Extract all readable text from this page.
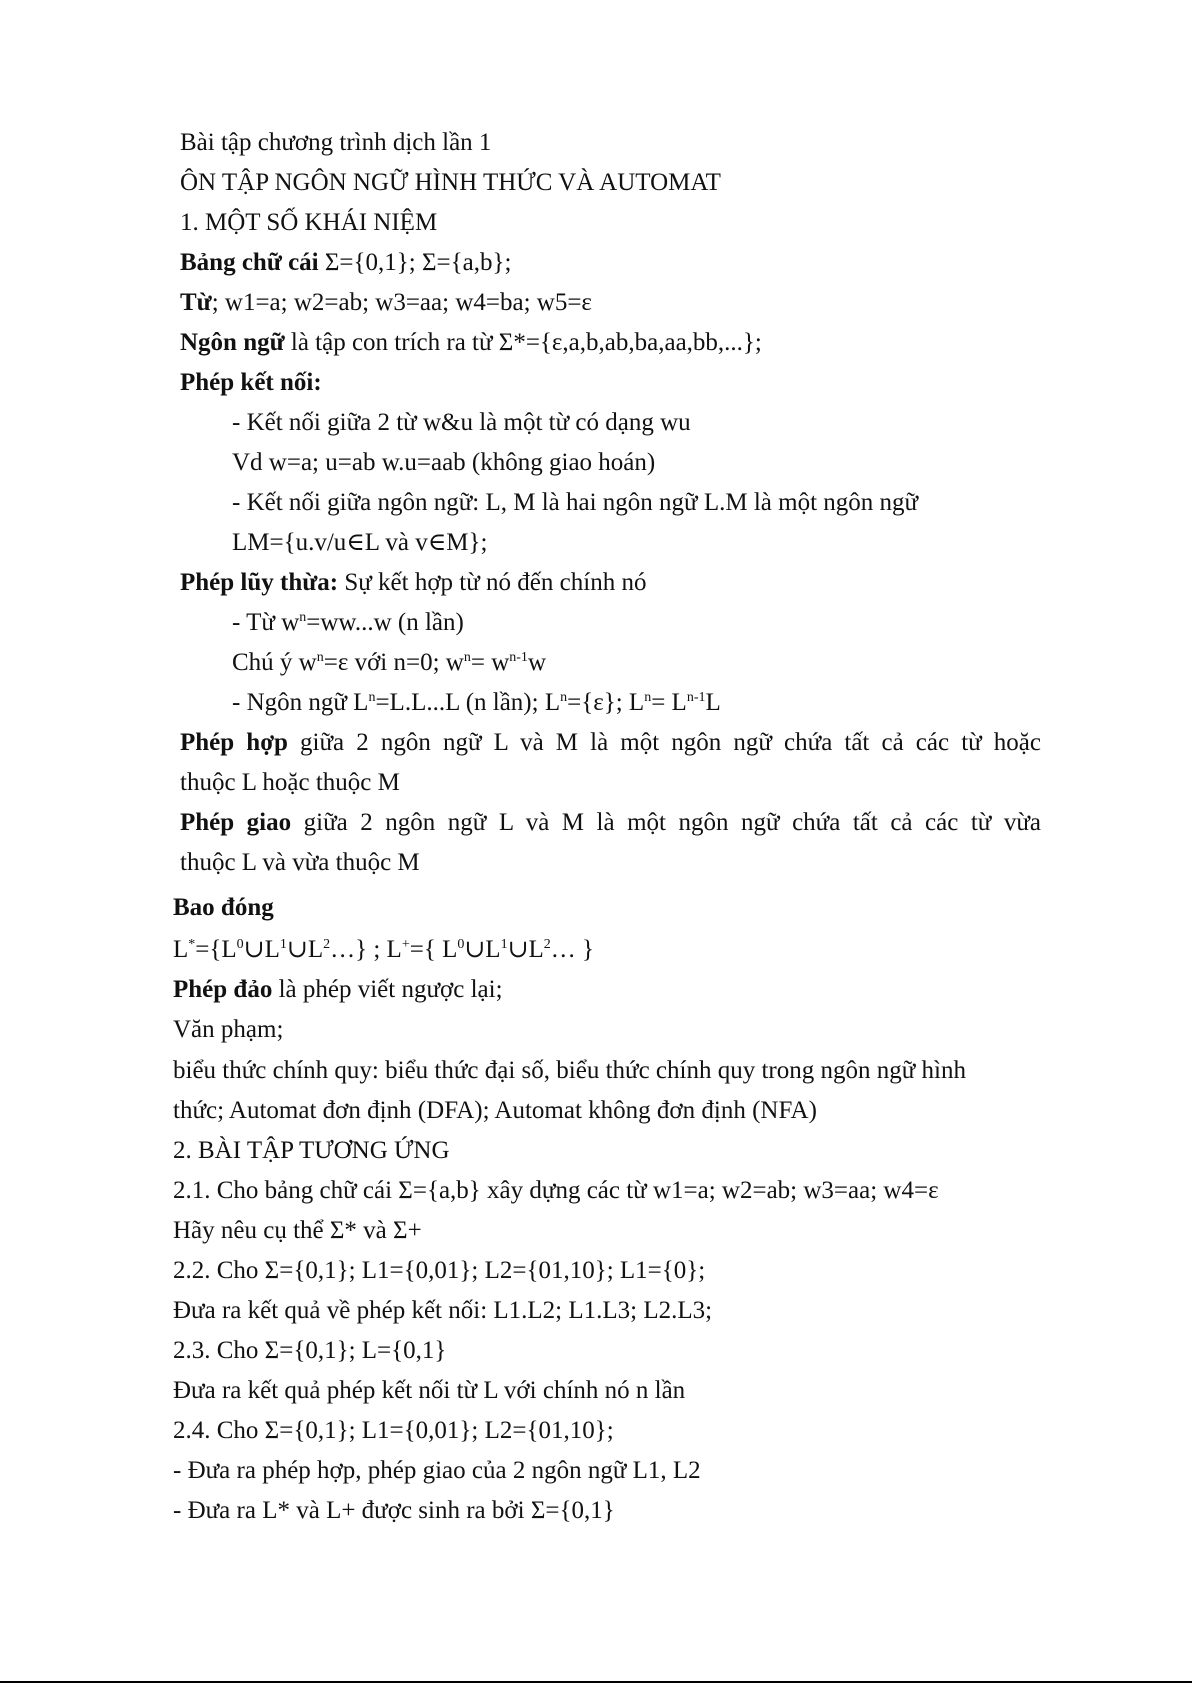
Bài tập chương trình dịch lần 1
ÔN TẬP NGÔN NGỮ HÌNH THỨC VÀ AUTOMAT
1. MỘT SỐ KHÁI NIỆM
Bảng chữ cái Σ={0,1}; Σ={a,b};
Từ; w1=a; w2=ab; w3=aa; w4=ba; w5=ε
Ngôn ngữ là tập con trích ra từ Σ*={ε,a,b,ab,ba,aa,bb,...};
Phép kết nối:
- Kết nối giữa 2 từ w&u là một từ có dạng wu
Vd w=a; u=ab w.u=aab (không giao hoán)
- Kết nối giữa ngôn ngữ: L, M là hai ngôn ngữ L.M là một ngôn ngữ
LM={u.v/u∈L và v∈M};
Phép lũy thừa: Sự kết hợp từ nó đến chính nó
- Từ $w^n=ww...w$ (n lần)
Chú ý $w^n=\varepsilon$ với n=0; $w^n= w^{n-1}w$
- Ngôn ngữ $L^n=L.L...L$ (n lần); $L^n=\{\varepsilon\}$; $L^n= L^{n-1}L$
Phép hợp giữa 2 ngôn ngữ L và M là một ngôn ngữ chứa tất cả các từ hoặc
thuộc L hoặc thuộc M
Phép giao giữa 2 ngôn ngữ L và M là một ngôn ngữ chứa tất cả các từ vừa
thuộc L và vừa thuộc M
Bao đóng
$L^*=\{L^0\cup L^1\cup L^2\dots\}$ ; L+={ $L^0\cup L^1\cup L^2\dots$ }
Phép đảo là phép viết ngược lại;
Văn phạm;
biểu thức chính quy: biểu thức đại số, biểu thức chính quy trong ngôn ngữ hình
thức; Automat đơn định (DFA); Automat không đơn định (NFA)
2. BÀI TẬP TƯƠNG ỨNG
2.1. Cho bảng chữ cái Σ={a,b} xây dựng các từ w1=a; w2=ab; w3=aa; w4=ε
Hãy nêu cụ thể Σ* và Σ+
2.2. Cho Σ={0,1}; L1={0,01}; L2={01,10}; L1={0};
Đưa ra kết quả về phép kết nối: L1.L2; L1.L3; L2.L3;
2.3. Cho Σ={0,1}; L={0,1}
Đưa ra kết quả phép kết nối từ L với chính nó n lần
2.4. Cho Σ={0,1}; L1={0,01}; L2={01,10};
- Đưa ra phép hợp, phép giao của 2 ngôn ngữ L1, L2
- Đưa ra L* và L+ được sinh ra bởi Σ={0,1}
